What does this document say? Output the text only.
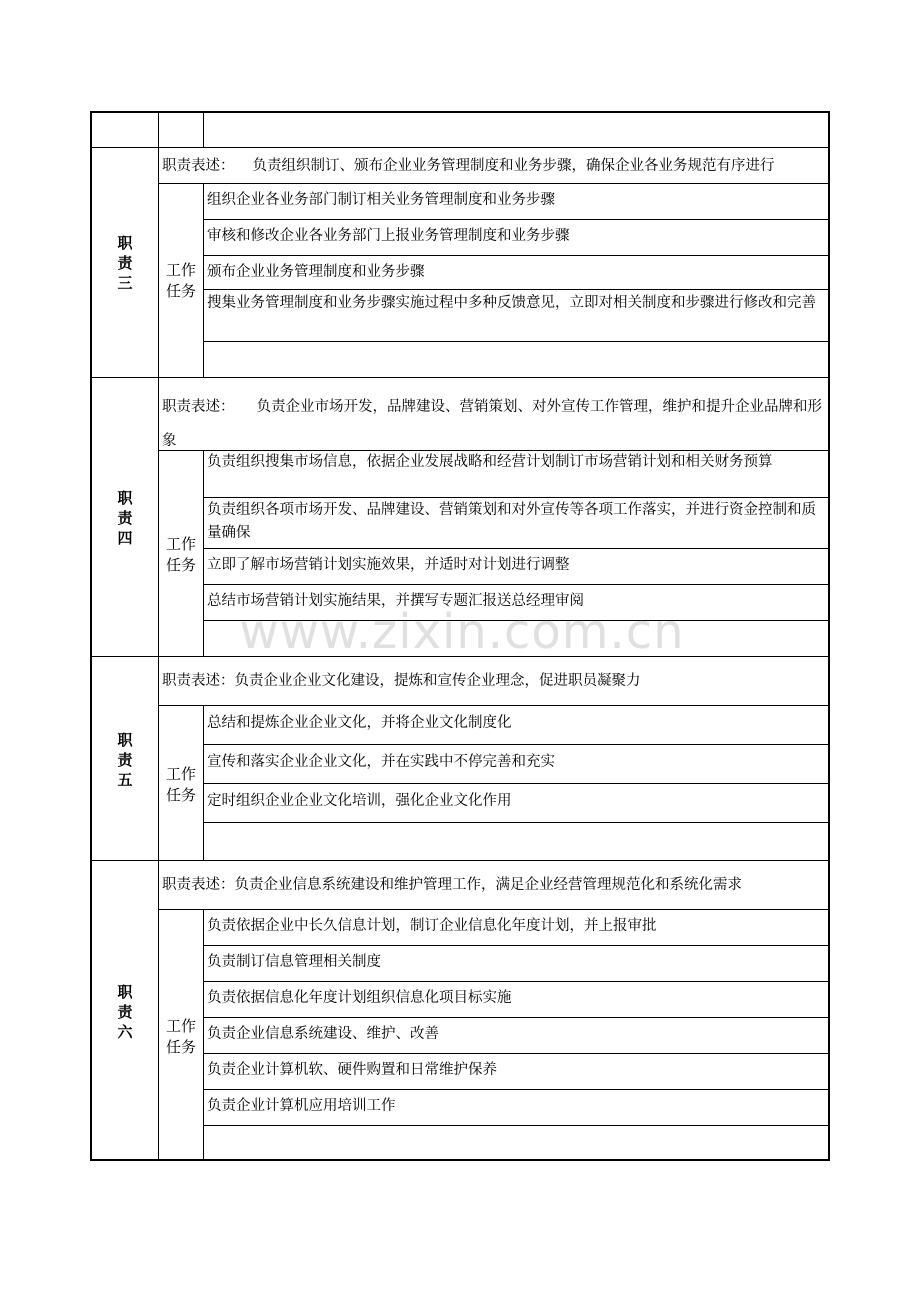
职
责
三
职责表述： 负责组织制订、颁布企业业务管理制度和业务步骤，确保企业各业务规范有序进行
工作
任务
组织企业各业务部门制订相关业务管理制度和业务步骤
审核和修改企业各业务部门上报业务管理制度和业务步骤
颁布企业业务管理制度和业务步骤
搜集业务管理制度和业务步骤实施过程中多种反馈意见，立即对相关制度和步骤进行修改和完善
职
责
四
职责表述： 负责企业市场开发，品牌建设、营销策划、对外宣传工作管理，维护和提升企业品牌和形象
工作
任务
负责组织搜集市场信息，依据企业发展战略和经营计划制订市场营销计划和相关财务预算
负责组织各项市场开发、品牌建设、营销策划和对外宣传等各项工作落实，并进行资金控制和质量确保
立即了解市场营销计划实施效果，并适时对计划进行调整
总结市场营销计划实施结果，并撰写专题汇报送总经理审阅
职
责
五
职责表述：负责企业企业文化建设，提炼和宣传企业理念，促进职员凝聚力
工作
任务
总结和提炼企业企业文化，并将企业文化制度化
宣传和落实企业企业文化，并在实践中不停完善和充实
定时组织企业企业文化培训，强化企业文化作用
职
责
六
职责表述：负责企业信息系统建设和维护管理工作，满足企业经营管理规范化和系统化需求
工作
任务
负责依据企业中长久信息计划，制订企业信息化年度计划，并上报审批
负责制订信息管理相关制度
负责依据信息化年度计划组织信息化项目标实施
负责企业信息系统建设、维护、改善
负责企业计算机软、硬件购置和日常维护保养
负责企业计算机应用培训工作
www.zixin.com.cn
